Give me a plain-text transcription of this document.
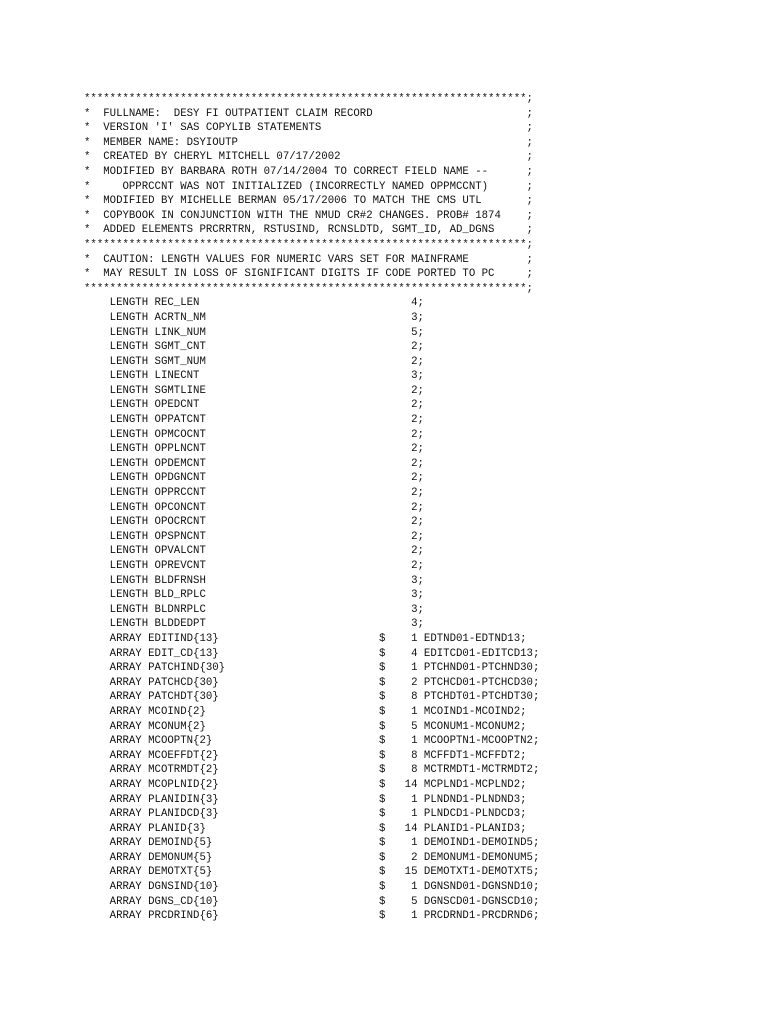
*********************************************************************;
*  FULLNAME:  DESY FI OUTPATIENT CLAIM RECORD                        ;
*  VERSION 'I' SAS COPYLIB STATEMENTS                                ;
*  MEMBER NAME: DSYIOUTP                                             ;
*  CREATED BY CHERYL MITCHELL 07/17/2002                             ;
*  MODIFIED BY BARBARA ROTH 07/14/2004 TO CORRECT FIELD NAME --      ;
*     OPPRCCNT WAS NOT INITIALIZED (INCORRECTLY NAMED OPPMCCNT)      ;
*  MODIFIED BY MICHELLE BERMAN 05/17/2006 TO MATCH THE CMS UTL       ;
*  COPYBOOK IN CONJUNCTION WITH THE NMUD CR#2 CHANGES. PROB# 1874    ;
*  ADDED ELEMENTS PRCRRTRN, RSTUSIND, RCNSLDTD, SGMT_ID, AD_DGNS     ;
*********************************************************************;
*  CAUTION: LENGTH VALUES FOR NUMERIC VARS SET FOR MAINFRAME         ;
*  MAY RESULT IN LOSS OF SIGNIFICANT DIGITS IF CODE PORTED TO PC     ;
*********************************************************************;
LENGTH REC_LEN                                 4;
LENGTH ACRTN_NM                                3;
LENGTH LINK_NUM                                5;
LENGTH SGMT_CNT                                2;
LENGTH SGMT_NUM                                2;
LENGTH LINECNT                                 3;
LENGTH SGMTLINE                                2;
LENGTH OPEDCNT                                 2;
LENGTH OPPATCNT                                2;
LENGTH OPMCOCNT                                2;
LENGTH OPPLNCNT                                2;
LENGTH OPDEMCNT                                2;
LENGTH OPDGNCNT                                2;
LENGTH OPPRCCNT                                2;
LENGTH OPCONCNT                                2;
LENGTH OPOCRCNT                                2;
LENGTH OPSPNCNT                                2;
LENGTH OPVALCNT                                2;
LENGTH OPREVCNT                                2;
LENGTH BLDFRNSH                                3;
LENGTH BLD_RPLC                                3;
LENGTH BLDNRPLC                                3;
LENGTH BLDDEDPT                                3;
ARRAY EDITIND{13}                         $    1 EDTND01-EDTND13;
ARRAY EDIT_CD{13}                         $    4 EDITCD01-EDITCD13;
ARRAY PATCHIND{30}                        $    1 PTCHND01-PTCHND30;
ARRAY PATCHCD{30}                         $    2 PTCHCD01-PTCHCD30;
ARRAY PATCHDT{30}                         $    8 PTCHDT01-PTCHDT30;
ARRAY MCOIND{2}                           $    1 MCOIND1-MCOIND2;
ARRAY MCONUM{2}                           $    5 MCONUM1-MCONUM2;
ARRAY MCOOPTN{2}                          $    1 MCOOPTN1-MCOOPTN2;
ARRAY MCOEFFDT{2}                         $    8 MCFFDT1-MCFFDT2;
ARRAY MCOTRMDT{2}                         $    8 MCTRMDT1-MCTRMDT2;
ARRAY MCOPLNID{2}                         $   14 MCPLND1-MCPLND2;
ARRAY PLANIDIN{3}                         $    1 PLNDND1-PLNDND3;
ARRAY PLANIDCD{3}                         $    1 PLNDCD1-PLNDCD3;
ARRAY PLANID{3}                           $   14 PLANID1-PLANID3;
ARRAY DEMOIND{5}                          $    1 DEMOIND1-DEMOIND5;
ARRAY DEMONUM{5}                          $    2 DEMONUM1-DEMONUM5;
ARRAY DEMOTXT{5}                          $   15 DEMOTXT1-DEMOTXT5;
ARRAY DGNSIND{10}                         $    1 DGNSND01-DGNSND10;
ARRAY DGNS_CD{10}                         $    5 DGNSCD01-DGNSCD10;
ARRAY PRCDRIND{6}                         $    1 PRCDRND1-PRCDRND6;
